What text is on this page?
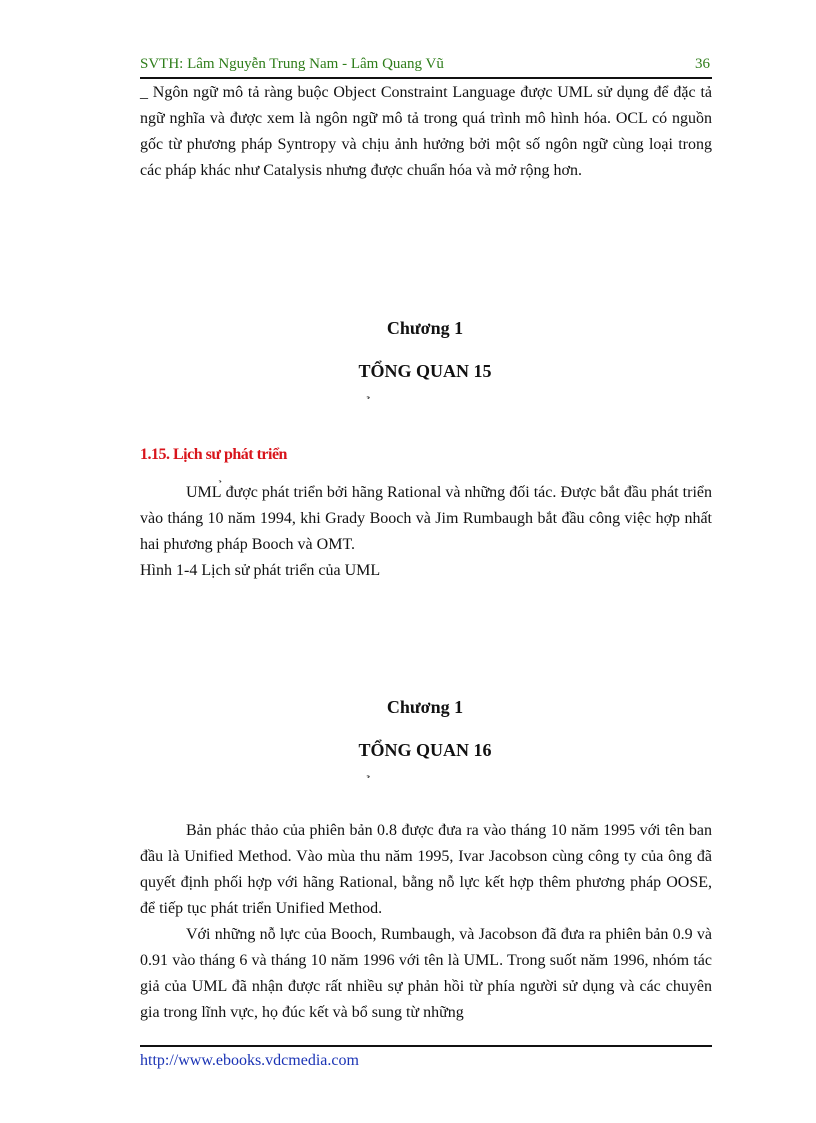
SVTH: Lâm Nguyễn Trung Nam - Lâm Quang Vũ	36

_ Ngôn ngữ mô tả ràng buộc Object Constraint Language được UML sử dụng để đặc tả ngữ nghĩa và được xem là ngôn ngữ mô tả trong quá trình mô hình hóa. OCL có nguồn gốc từ phương pháp Syntropy và chịu ảnh hưởng bởi một số ngôn ngữ cùng loại trong các pháp khác như Catalysis nhưng được chuẩn hóa và mở rộng hơn.

Chương 1

TỔNG QUAN 15

1.15. Lịch sư phát triển

UML được phát triển bởi hãng Rational và những đối tác. Được bắt đầu phát triển vào tháng 10 năm 1994, khi Grady Booch và Jim Rumbaugh bắt đầu công việc hợp nhất hai phương pháp Booch và OMT.

Hình 1-4 Lịch sử phát triển của UML

Chương 1

TỔNG QUAN 16

Bản phác thảo của phiên bản 0.8 được đưa ra vào tháng 10 năm 1995 với tên ban đầu là Unified Method. Vào mùa thu năm 1995, Ivar Jacobson cùng công ty của ông đã quyết định phối hợp với hãng Rational, bằng nỗ lực kết hợp thêm phương pháp OOSE, để tiếp tục phát triển Unified Method.

Với những nỗ lực của Booch, Rumbaugh, và Jacobson đã đưa ra phiên bản 0.9 và 0.91 vào tháng 6 và tháng 10 năm 1996 với tên là UML. Trong suốt năm 1996, nhóm tác giả của UML đã nhận được rất nhiều sự phản hồi từ phía người sử dụng và các chuyên gia trong lĩnh vực, họ đúc kết và bổ sung từ những

http://www.ebooks.vdcmedia.com
